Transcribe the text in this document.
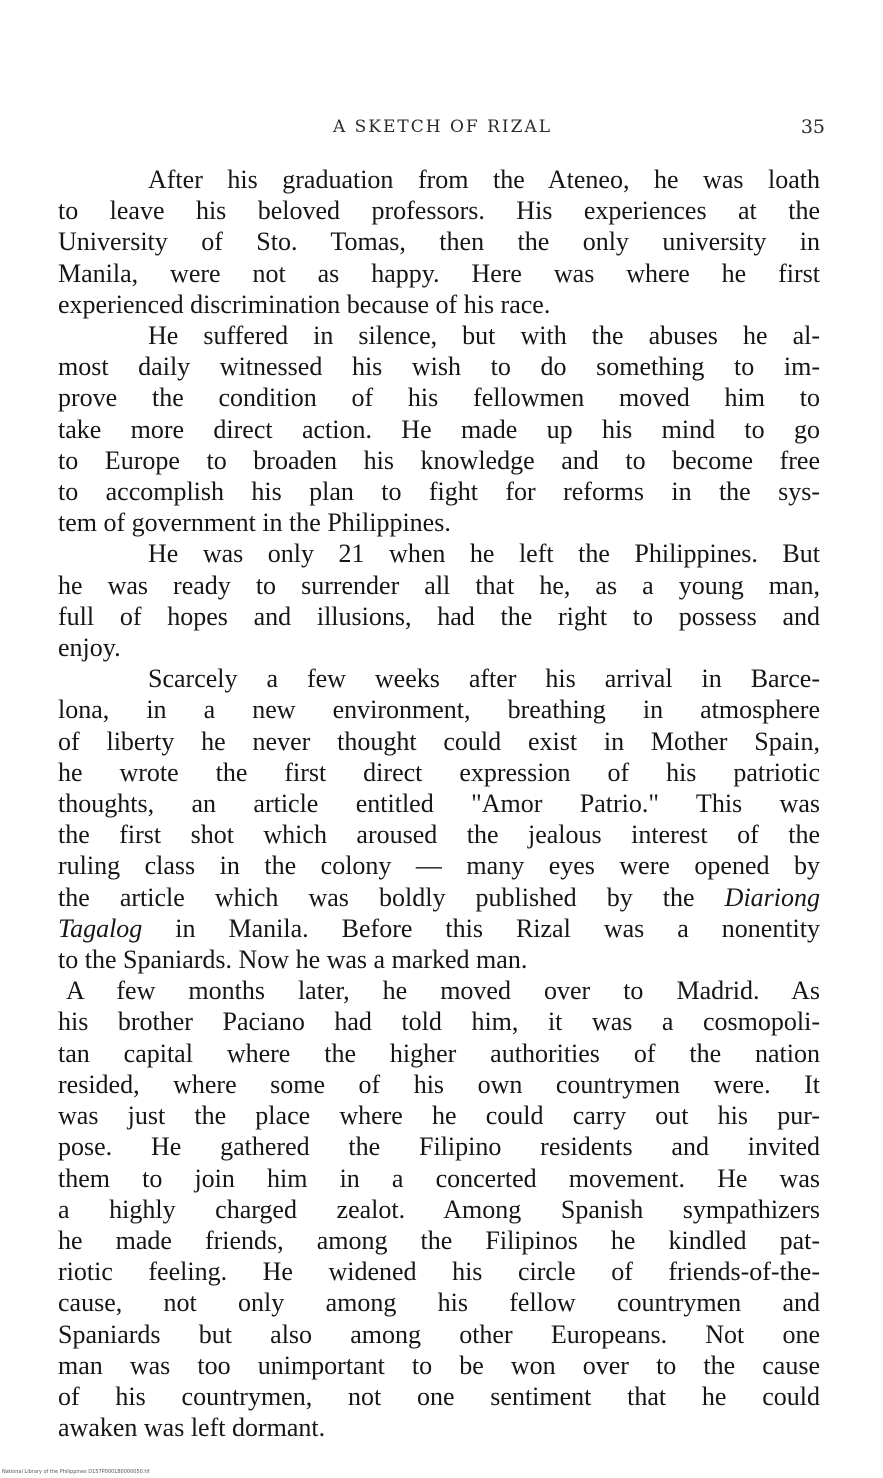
A SKETCH OF RIZAL	35
After his graduation from the Ateneo, he was loath
to leave his beloved professors. His experiences at the
University of Sto. Tomas, then the only university in
Manila, were not as happy. Here was where he first
experienced discrimination because of his race.
He suffered in silence, but with the abuses he al-
most daily witnessed his wish to do something to im-
prove the condition of his fellowmen moved him to
take more direct action. He made up his mind to go
to Europe to broaden his knowledge and to become free
to accomplish his plan to fight for reforms in the sys-
tem of government in the Philippines.
He was only 21 when he left the Philippines. But
he was ready to surrender all that he, as a young man,
full of hopes and illusions, had the right to possess and
enjoy.
Scarcely a few weeks after his arrival in Barce-
lona, in a new environment, breathing in atmosphere
of liberty he never thought could exist in Mother Spain,
he wrote the first direct expression of his patriotic
thoughts, an article entitled "Amor Patrio." This was
the first shot which aroused the jealous interest of the
ruling class in the colony — many eyes were opened by
the article which was boldly published by the Diariong
Tagalog in Manila. Before this Rizal was a nonentity
to the Spaniards. Now he was a marked man.
A few months later, he moved over to Madrid. As
his brother Paciano had told him, it was a cosmopoli-
tan capital where the higher authorities of the nation
resided, where some of his own countrymen were. It
was just the place where he could carry out his pur-
pose. He gathered the Filipino residents and invited
them to join him in a concerted movement. He was
a highly charged zealot. Among Spanish sympathizers
he made friends, among the Filipinos he kindled pat-
riotic feeling. He widened his circle of friends-of-the-
cause, not only among his fellow countrymen and
Spaniards but also among other Europeans. Not one
man was too unimportant to be won over to the cause
of his countrymen, not one sentiment that he could
awaken was left dormant.
National Library of the Philippines D157P000180000050.tif
